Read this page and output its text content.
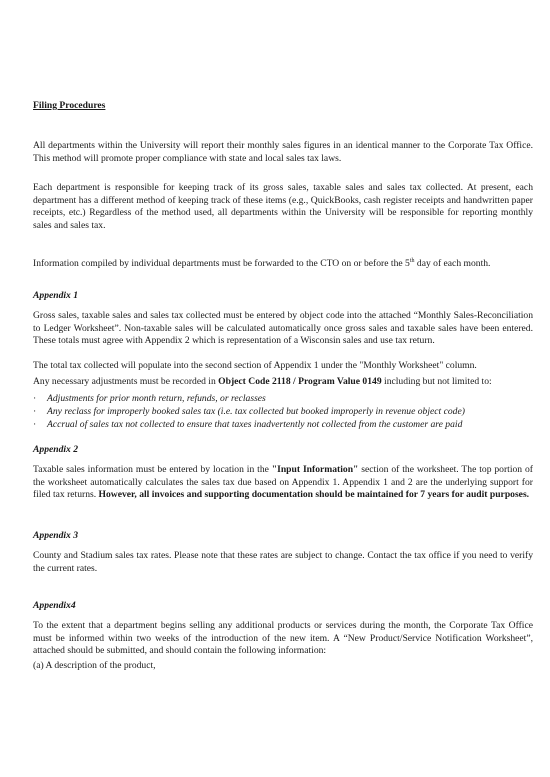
Filing Procedures

All departments within the University will report their monthly sales figures in an identical manner to the Corporate Tax Office. This method will promote proper compliance with state and local sales tax laws.

Each department is responsible for keeping track of its gross sales, taxable sales and sales tax collected. At present, each department has a different method of keeping track of these items (e.g., QuickBooks, cash register receipts and handwritten paper receipts, etc.) Regardless of the method used, all departments within the University will be responsible for reporting monthly sales and sales tax.

Information compiled by individual departments must be forwarded to the CTO on or before the 5th day of each month.

Appendix 1

Gross sales, taxable sales and sales tax collected must be entered by object code into the attached “Monthly Sales-Reconciliation to Ledger Worksheet”. Non-taxable sales will be calculated automatically once gross sales and taxable sales have been entered. These totals must agree with Appendix 2 which is representation of a Wisconsin sales and use tax return.

The total tax collected will populate into the second section of Appendix 1 under the "Monthly Worksheet" column.

Any necessary adjustments must be recorded in Object Code 2118 / Program Value 0149 including but not limited to:

· Adjustments for prior month return, refunds, or reclasses
· Any reclass for improperly booked sales tax (i.e. tax collected but booked improperly in revenue object code)
· Accrual of sales tax not collected to ensure that taxes inadvertently not collected from the customer are paid
Appendix 2

Taxable sales information must be entered by location in the "Input Information" section of the worksheet. The top portion of the worksheet automatically calculates the sales tax due based on Appendix 1. Appendix 1 and 2 are the underlying support for filed tax returns. However, all invoices and supporting documentation should be maintained for 7 years for audit purposes.

Appendix 3

County and Stadium sales tax rates. Please note that these rates are subject to change. Contact the tax office if you need to verify the current rates.

Appendix4

To the extent that a department begins selling any additional products or services during the month, the Corporate Tax Office must be informed within two weeks of the introduction of the new item. A “New Product/Service Notification Worksheet”, attached should be submitted, and should contain the following information:

(a) A description of the product,
